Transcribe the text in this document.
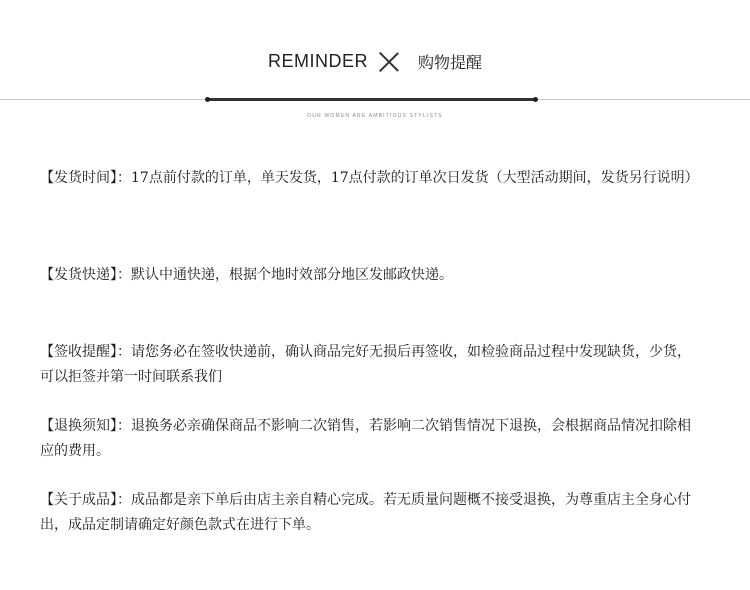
REMINDER	购物提醒
OUR WOMEN ARE AMBITIOUS STYLISTS

【发货时间】：17点前付款的订单，单天发货，17点付款的订单次日发货（大型活动期间，发货另行说明）

【发货快递】：默认中通快递，根据个地时效部分地区发邮政快递。

【签收提醒】：请您务必在签收快递前，确认商品完好无损后再签收，如检验商品过程中发现缺货，少货，可以拒签并第一时间联系我们

【退换须知】：退换务必亲确保商品不影响二次销售，若影响二次销售情况下退换，会根据商品情况扣除相应的费用。

【关于成品】：成品都是亲下单后由店主亲自精心完成。若无质量问题概不接受退换，为尊重店主全身心付出，成品定制请确定好颜色款式在进行下单。
